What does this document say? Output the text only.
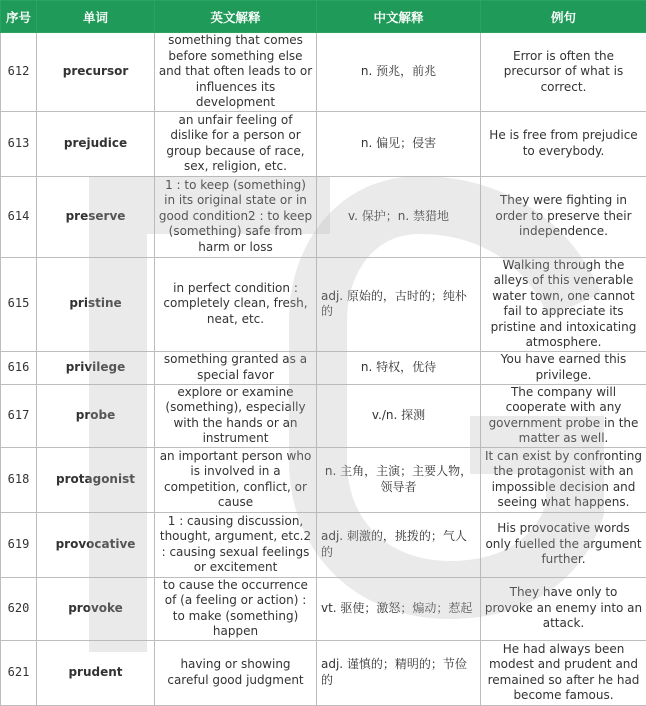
序号	单词	英文解释	中文解释	例句
612	precursor	something that comes before something else and that often leads to or influences its development	n. 预兆，前兆	Error is often the precursor of what is correct.
613	prejudice	an unfair feeling of dislike for a person or group because of race, sex, religion, etc.	n. 偏见；侵害	He is free from prejudice to everybody.
614	preserve	1 : to keep (something) in its original state or in good condition2 : to keep (something) safe from harm or loss	v. 保护；n. 禁猎地	They were fighting in order to preserve their independence.
615	pristine	in perfect condition : completely clean, fresh, neat, etc.	adj. 原始的，古时的；纯朴的	Walking through the alleys of this venerable water town, one cannot fail to appreciate its pristine and intoxicating atmosphere.
616	privilege	something granted as a special favor	n. 特权，优待	You have earned this privilege.
617	probe	explore or examine (something), especially with the hands or an instrument	v./n. 探测	The company will cooperate with any government probe in the matter as well.
618	protagonist	an important person who is involved in a competition, conflict, or cause	n. 主角，主演；主要人物，领导者	It can exist by confronting the protagonist with an impossible decision and seeing what happens.
619	provocative	1 : causing discussion, thought, argument, etc.2 : causing sexual feelings or excitement	adj. 刺激的，挑拨的；气人的	His provocative words only fuelled the argument further.
620	provoke	to cause the occurrence of (a feeling or action) : to make (something) happen	vt. 驱使；激怒；煽动；惹起	They have only to provoke an enemy into an attack.
621	prudent	having or showing careful good judgment	adj. 谨慎的；精明的；节俭的	He had always been modest and prudent and remained so after he had become famous.
